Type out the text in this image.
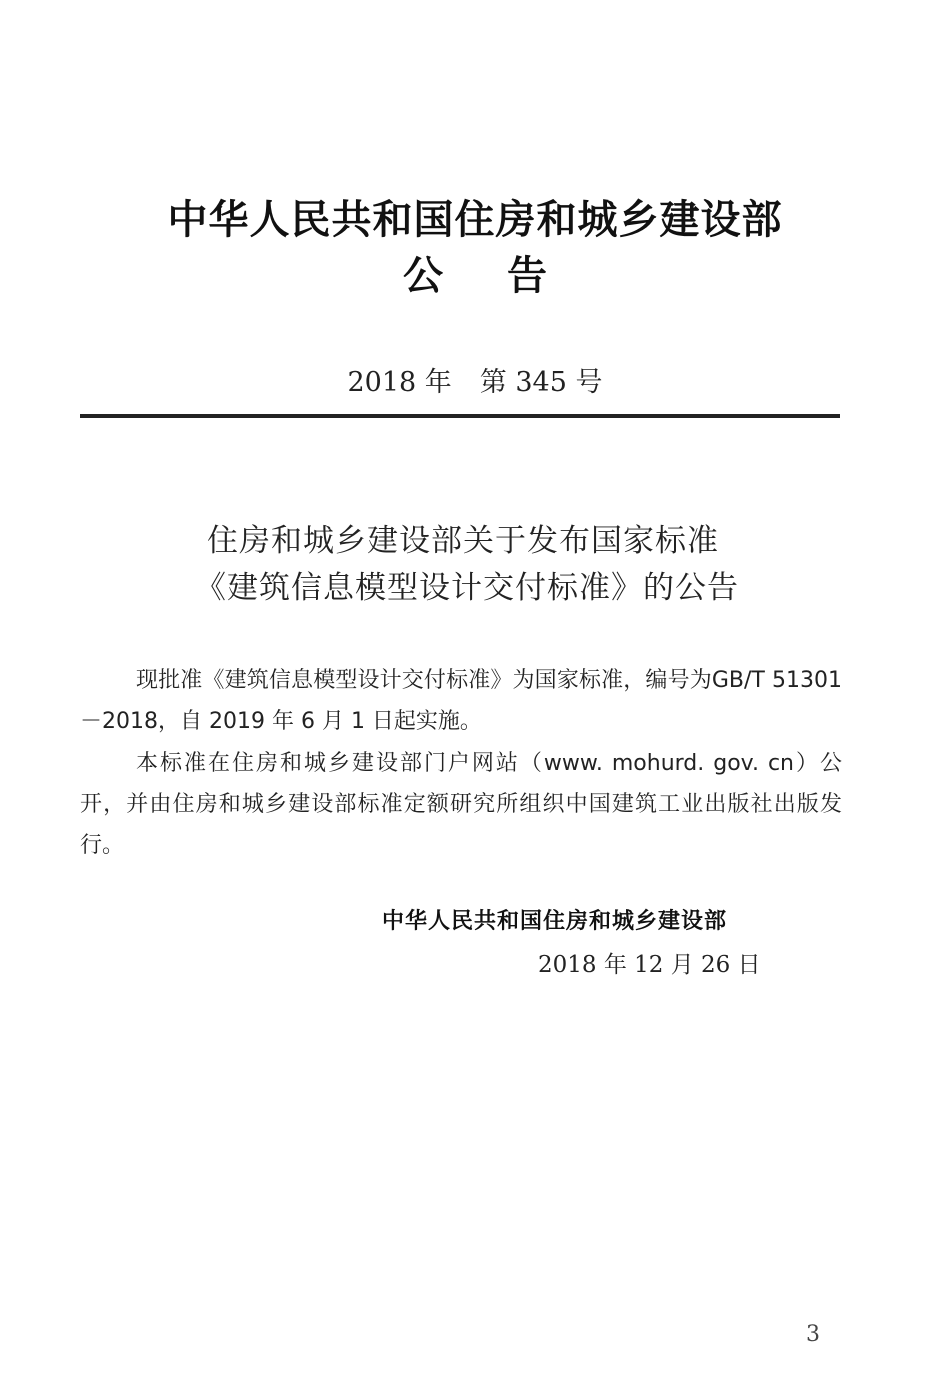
中华人民共和国住房和城乡建设部
公告
2018 年 第 345 号
住房和城乡建设部关于发布国家标准
《建筑信息模型设计交付标准》的公告

现批准《建筑信息模型设计交付标准》为国家标准，编号为GB/T 51301－2018，自 2019 年 6 月 1 日起实施。

本标准在住房和城乡建设部门户网站（www. mohurd. gov. cn）公开，并由住房和城乡建设部标准定额研究所组织中国建筑工业出版社出版发行。

中华人民共和国住房和城乡建设部
2018 年 12 月 26 日
3
